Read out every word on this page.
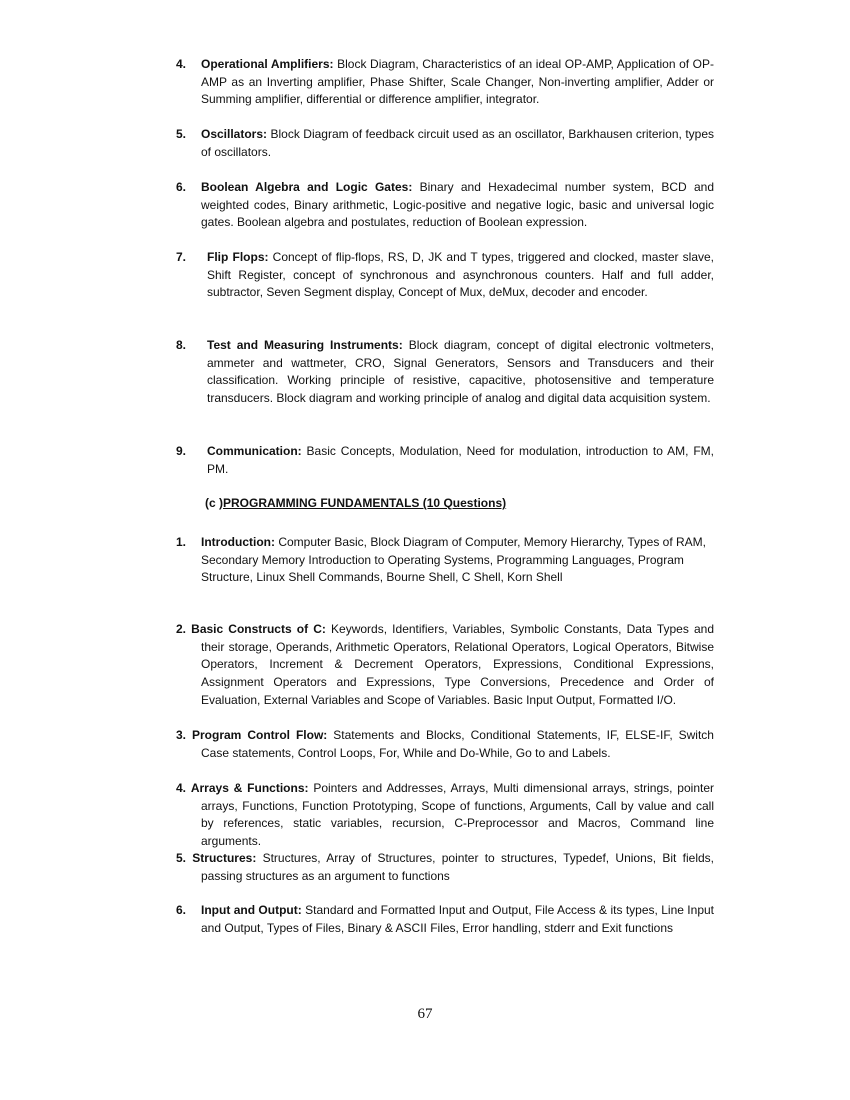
4.	Operational Amplifiers: Block Diagram, Characteristics of an ideal OP-AMP, Application of OP-AMP as an Inverting amplifier, Phase Shifter, Scale Changer, Non-inverting amplifier, Adder or Summing amplifier, differential or difference amplifier, integrator.
5.	Oscillators: Block Diagram of feedback circuit used as an oscillator, Barkhausen criterion, types of oscillators.
6.	Boolean Algebra and Logic Gates: Binary and Hexadecimal number system, BCD and weighted codes, Binary arithmetic, Logic-positive and negative logic, basic and universal logic gates. Boolean algebra and postulates, reduction of Boolean expression.
7.	Flip Flops: Concept of flip-flops, RS, D, JK and T types, triggered and clocked, master slave, Shift Register, concept of synchronous and asynchronous counters. Half and full adder, subtractor, Seven Segment display, Concept of Mux, deMux, decoder and encoder.
8.	Test and Measuring Instruments: Block diagram, concept of digital electronic voltmeters, ammeter and wattmeter, CRO, Signal Generators, Sensors and Transducers and their classification. Working principle of resistive, capacitive, photosensitive and temperature transducers. Block diagram and working principle of analog and digital data acquisition system.
9.	Communication: Basic Concepts, Modulation, Need for modulation, introduction to AM, FM, PM.
(c )PROGRAMMING FUNDAMENTALS (10 Questions)
1.	Introduction: Computer Basic, Block Diagram of Computer, Memory Hierarchy, Types of RAM, Secondary Memory Introduction to Operating Systems, Programming Languages, Program Structure, Linux Shell Commands, Bourne Shell, C Shell, Korn Shell
2. Basic Constructs of C: Keywords, Identifiers, Variables, Symbolic Constants, Data Types and their storage, Operands, Arithmetic Operators, Relational Operators, Logical Operators, Bitwise Operators, Increment & Decrement Operators, Expressions, Conditional Expressions, Assignment Operators and Expressions, Type Conversions, Precedence and Order of Evaluation, External Variables and Scope of Variables. Basic Input Output, Formatted I/O.
3. Program Control Flow: Statements and Blocks, Conditional Statements, IF, ELSE-IF, Switch Case statements, Control Loops, For, While and Do-While, Go to and Labels.
4. Arrays & Functions: Pointers and Addresses, Arrays, Multi dimensional arrays, strings, pointer arrays, Functions, Function Prototyping, Scope of functions, Arguments, Call by value and call by references, static variables, recursion, C-Preprocessor and Macros, Command line arguments.
5. Structures: Structures, Array of Structures, pointer to structures, Typedef, Unions, Bit fields, passing structures as an argument to functions
6.	Input and Output: Standard and Formatted Input and Output, File Access & its types, Line Input and Output, Types of Files, Binary & ASCII Files, Error handling, stderr and Exit functions
67
